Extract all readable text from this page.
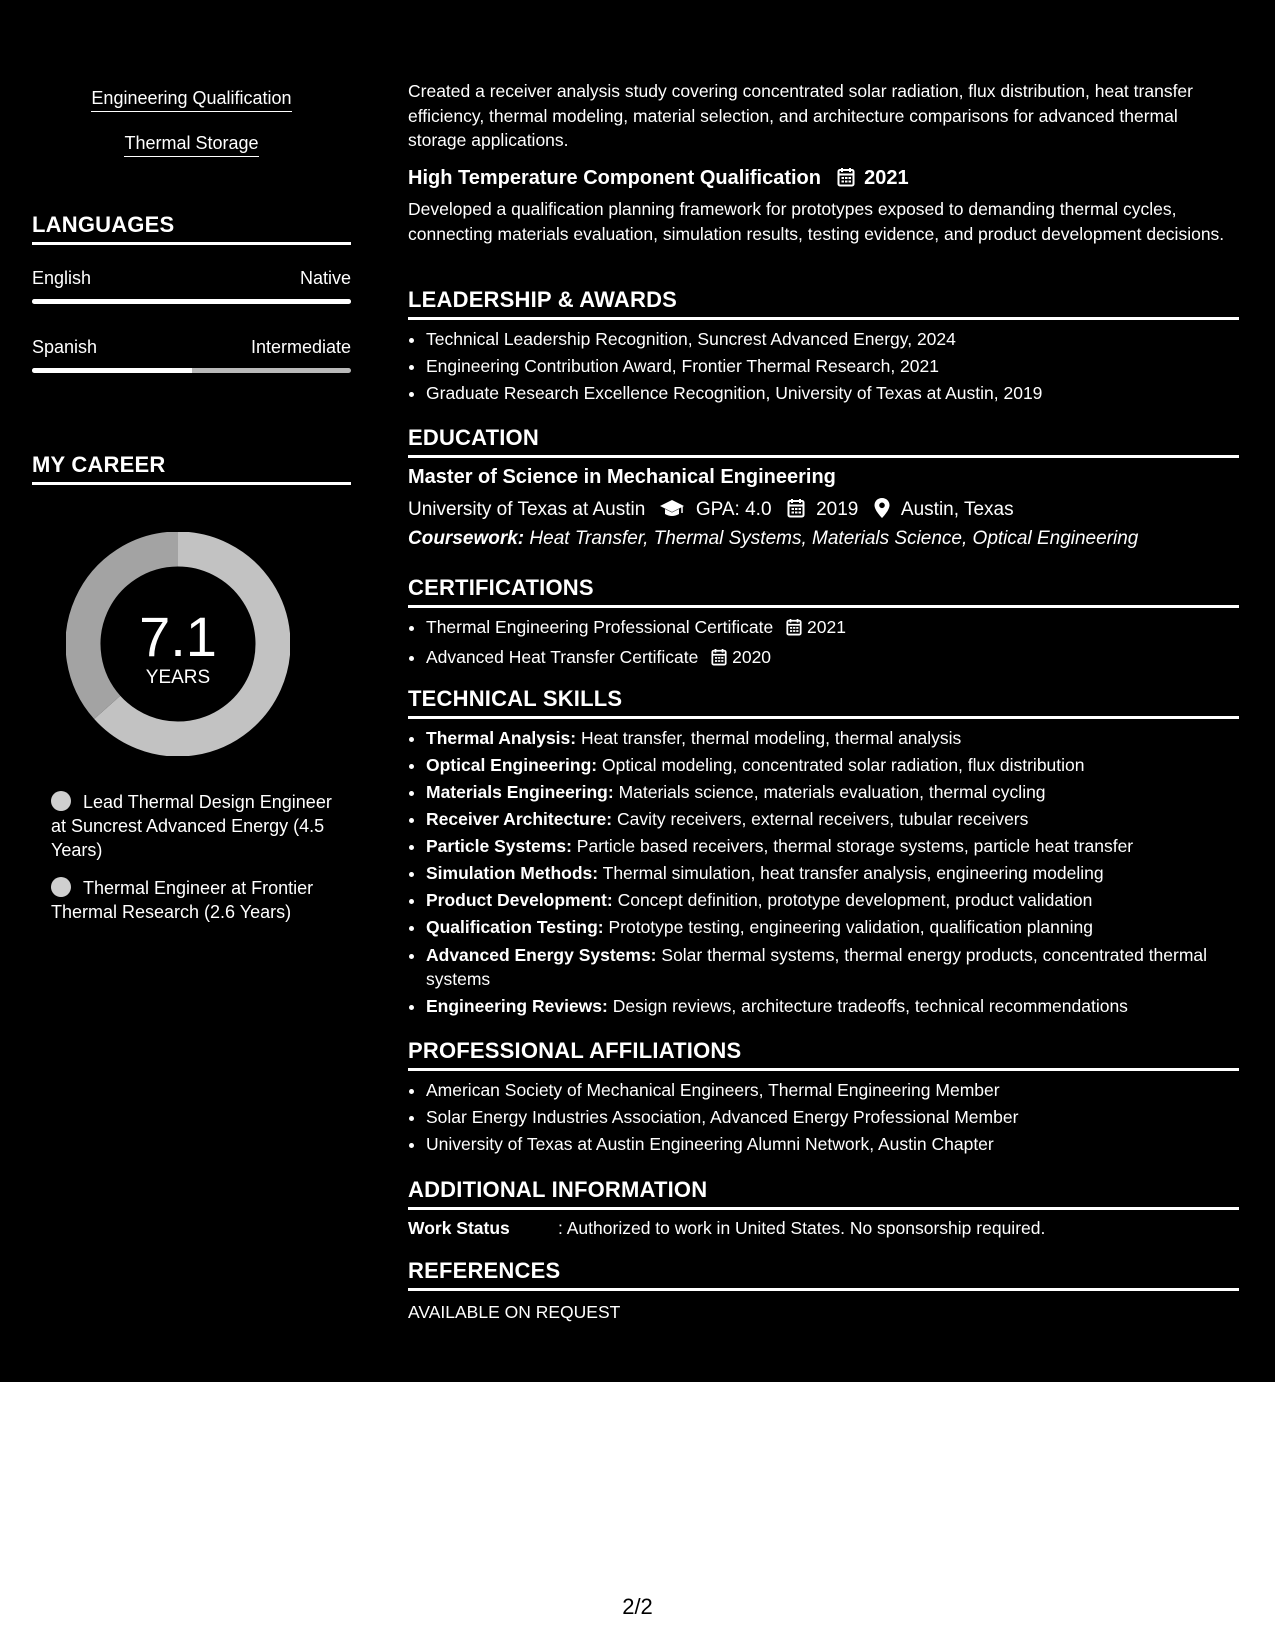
Engineering Qualification
Thermal Storage
LANGUAGES
English	Native
Spanish	Intermediate
MY CAREER
7.1
YEARS
Lead Thermal Design Engineer at Suncrest Advanced Energy (4.5 Years)
Thermal Engineer at Frontier Thermal Research (2.6 Years)
Created a receiver analysis study covering concentrated solar radiation, flux distribution, heat transfer efficiency, thermal modeling, material selection, and architecture comparisons for advanced thermal storage applications.
High Temperature Component Qualification 2021
Developed a qualification planning framework for prototypes exposed to demanding thermal cycles, connecting materials evaluation, simulation results, testing evidence, and product development decisions.
LEADERSHIP & AWARDS
• Technical Leadership Recognition, Suncrest Advanced Energy, 2024
• Engineering Contribution Award, Frontier Thermal Research, 2021
• Graduate Research Excellence Recognition, University of Texas at Austin, 2019
EDUCATION
Master of Science in Mechanical Engineering
University of Texas at Austin	GPA: 4.0 2019 Austin, Texas
Coursework: Heat Transfer, Thermal Systems, Materials Science, Optical Engineering
CERTIFICATIONS
• Thermal Engineering Professional Certificate 2021
• Advanced Heat Transfer Certificate 2020
TECHNICAL SKILLS
• Thermal Analysis: Heat transfer, thermal modeling, thermal analysis
• Optical Engineering: Optical modeling, concentrated solar radiation, flux distribution
• Materials Engineering: Materials science, materials evaluation, thermal cycling
• Receiver Architecture: Cavity receivers, external receivers, tubular receivers
• Particle Systems: Particle based receivers, thermal storage systems, particle heat transfer
• Simulation Methods: Thermal simulation, heat transfer analysis, engineering modeling
• Product Development: Concept definition, prototype development, product validation
• Qualification Testing: Prototype testing, engineering validation, qualification planning
• Advanced Energy Systems: Solar thermal systems, thermal energy products, concentrated thermal systems
• Engineering Reviews: Design reviews, architecture tradeoffs, technical recommendations
PROFESSIONAL AFFILIATIONS
• American Society of Mechanical Engineers, Thermal Engineering Member
• Solar Energy Industries Association, Advanced Energy Professional Member
• University of Texas at Austin Engineering Alumni Network, Austin Chapter
ADDITIONAL INFORMATION
Work Status	: Authorized to work in United States. No sponsorship required.
REFERENCES
AVAILABLE ON REQUEST
2/2
